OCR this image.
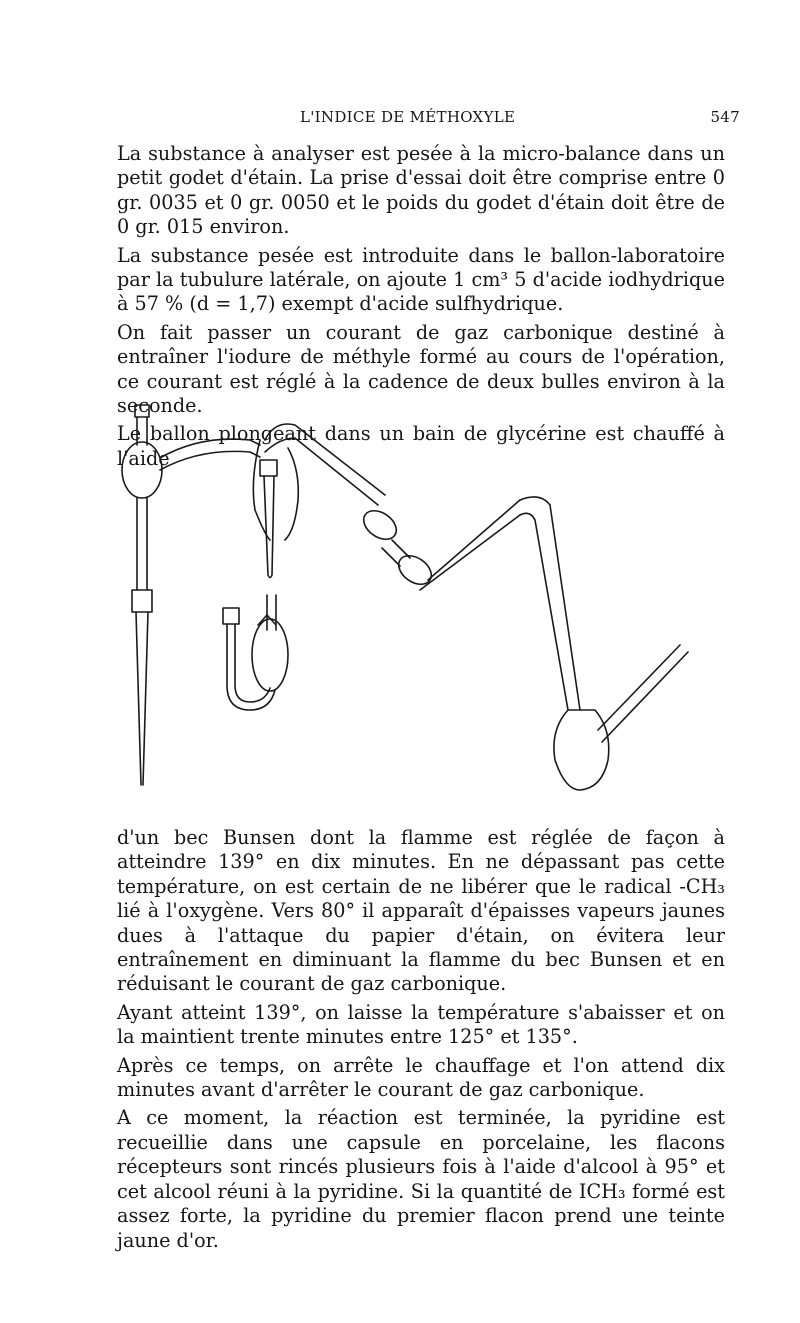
L'INDICE DE MÉTHOXYLE	547

La substance à analyser est pesée à la micro-balance dans un petit godet d'étain. La prise d'essai doit être comprise entre 0 gr. 0035 et 0 gr. 0050 et le poids du godet d'étain doit être de 0 gr. 015 environ.

La substance pesée est introduite dans le ballon-laboratoire par la tubulure latérale, on ajoute 1 cm³ 5 d'acide iodhydrique à 57 % (d = 1,7) exempt d'acide sulfhydrique.

On fait passer un courant de gaz carbonique destiné à entraîner l'iodure de méthyle formé au cours de l'opération, ce courant est réglé à la cadence de deux bulles environ à la seconde.

Le ballon plongeant dans un bain de glycérine est chauffé à l'aide

d'un bec Bunsen dont la flamme est réglée de façon à atteindre 139° en dix minutes. En ne dépassant pas cette température, on est certain de ne libérer que le radical -CH₃ lié à l'oxygène. Vers 80° il apparaît d'épaisses vapeurs jaunes dues à l'attaque du papier d'étain, on évitera leur entraînement en diminuant la flamme du bec Bunsen et en réduisant le courant de gaz carbonique.

Ayant atteint 139°, on laisse la température s'abaisser et on la maintient trente minutes entre 125° et 135°.

Après ce temps, on arrête le chauffage et l'on attend dix minutes avant d'arrêter le courant de gaz carbonique.

A ce moment, la réaction est terminée, la pyridine est recueillie dans une capsule en porcelaine, les flacons récepteurs sont rincés plusieurs fois à l'aide d'alcool à 95° et cet alcool réuni à la pyridine. Si la quantité de ICH₃ formé est assez forte, la pyridine du premier flacon prend une teinte jaune d'or.
